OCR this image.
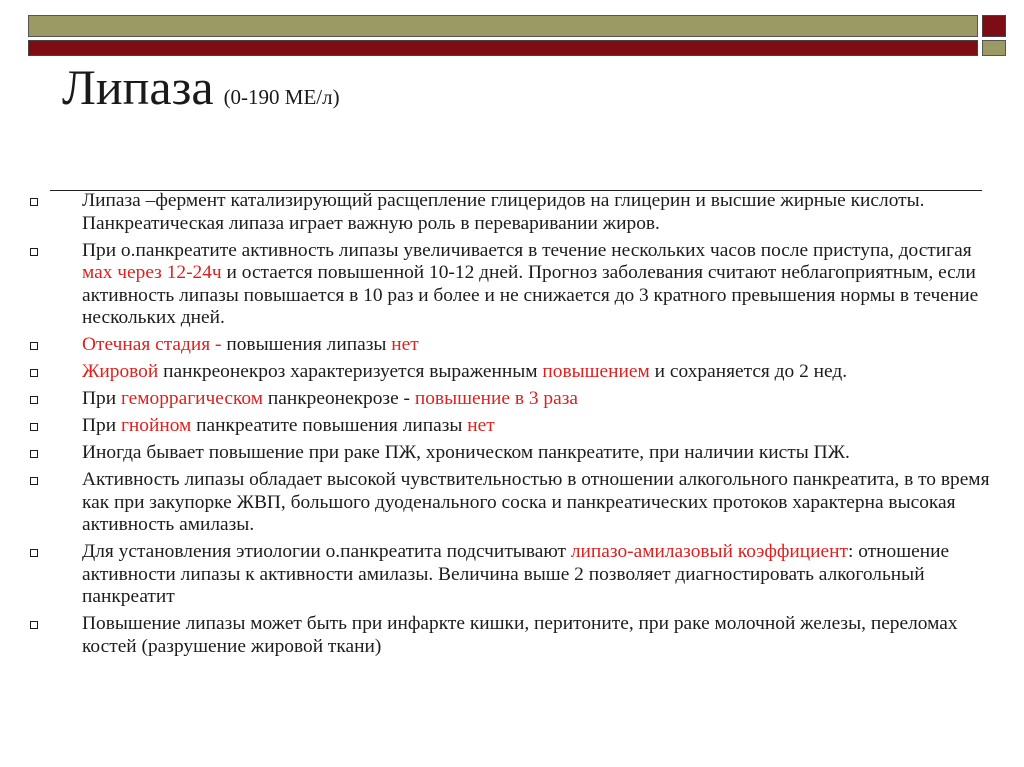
Липаза (0-190 МЕ/л)
Липаза –фермент катализирующий расщепление глицеридов на глицерин и высшие жирные кислоты. Панкреатическая липаза играет важную роль в переваривании жиров.
При о.панкреатите активность липазы увеличивается в течение нескольких часов после приступа, достигая мах через 12-24ч и остается повышенной 10-12 дней. Прогноз заболевания считают неблагоприятным, если активность липазы повышается в 10 раз и более и не снижается до 3 кратного превышения нормы в течение нескольких дней.
Отечная стадия - повышения липазы нет
Жировой панкреонекроз характеризуется выраженным повышением и сохраняется до 2 нед.
При геморрагическом панкреонекрозе - повышение в 3 раза
При гнойном панкреатите повышения липазы нет
Иногда бывает повышение при раке ПЖ, хроническом панкреатите, при наличии кисты ПЖ.
Активность липазы обладает высокой чувствительностью в отношении алкогольного панкреатита, в то время как при закупорке ЖВП, большого дуоденального соска и панкреатических протоков характерна высокая активность амилазы.
Для установления этиологии о.панкреатита подсчитывают липазо-амилазовый коэффициент: отношение активности липазы к активности амилазы. Величина выше 2 позволяет диагностировать алкогольный панкреатит
Повышение липазы может быть при инфаркте кишки, перитоните, при раке молочной железы, переломах костей (разрушение жировой ткани)
